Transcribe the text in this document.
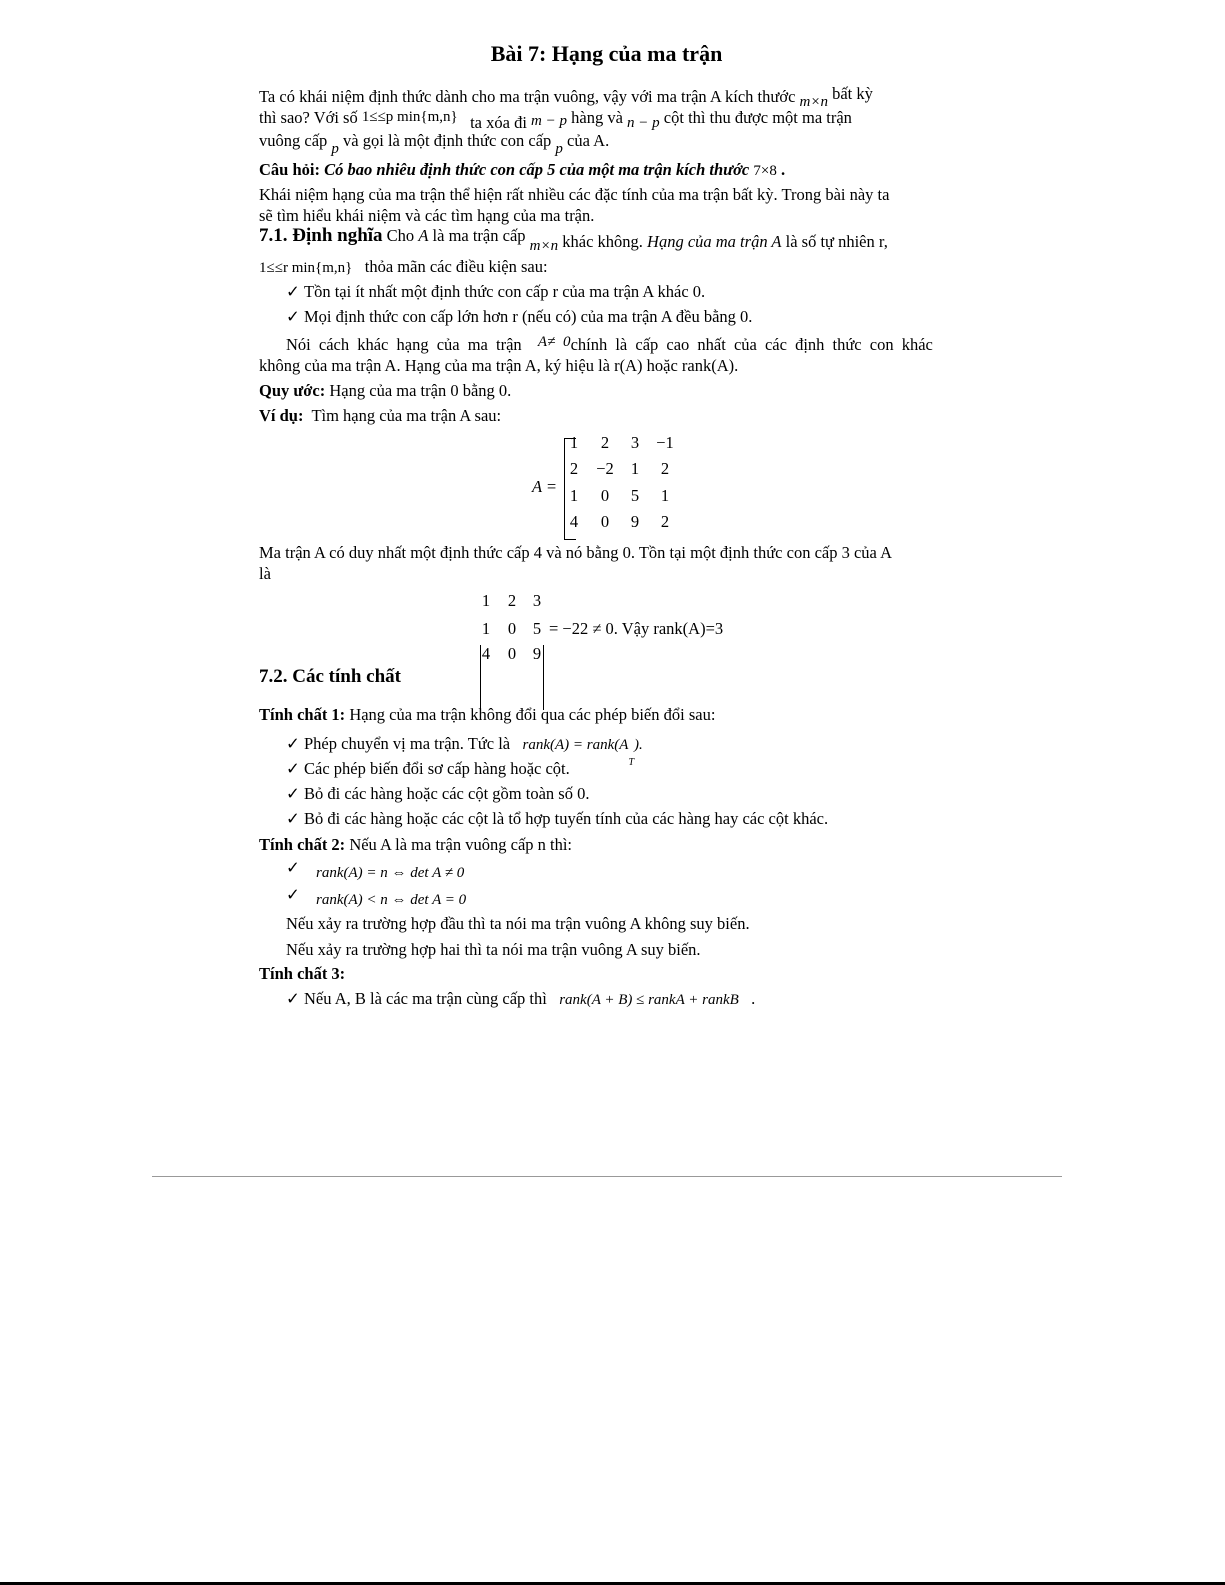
Bài 7: Hạng của ma trận
Ta có khái niệm định thức dành cho ma trận vuông, vậy với ma trận A kích thước m×n bất kỳ
thì sao? Với số 1≤≤p min{m,n} ta xóa đi m − p hàng và n − p cột thì thu được một ma trận
vuông cấp p và gọi là một định thức con cấp p của A.
Câu hỏi: Có bao nhiêu định thức con cấp 5 của một ma trận kích thước 7×8 .
Khái niệm hạng của ma trận thể hiện rất nhiều các đặc tính của ma trận bất kỳ. Trong bài này ta
sẽ tìm hiểu khái niệm và các tìm hạng của ma trận.
7.1. Định nghĩa Cho A là ma trận cấp m×n khác không. Hạng của ma trận A là số tự nhiên r,
1≤≤r min{m,n} thỏa mãn các điều kiện sau:
✓ Tồn tại ít nhất một định thức con cấp r của ma trận A khác 0.
✓ Mọi định thức con cấp lớn hơn r (nếu có) của ma trận A đều bằng 0.
Nói cách khác hạng của ma trận A≠ 0chính là cấp cao nhất của các định thức con khác
không của ma trận A. Hạng của ma trận A, ký hiệu là r(A) hoặc rank(A).
Quy ước: Hạng của ma trận 0 bằng 0.
Ví dụ: Tìm hạng của ma trận A sau:
A =
1	2	3	−1
2	−2	1	2
1	0	5	1
4	0	9	2
Ma trận A có duy nhất một định thức cấp 4 và nó bằng 0. Tồn tại một định thức con cấp 3 của A
là
1	2	3
1	0	5
4	0	9
= −22 ≠ 0. Vậy rank(A)=3
7.2. Các tính chất
Tính chất 1: Hạng của ma trận không đổi qua các phép biến đổi sau:
✓ Phép chuyển vị ma trận. Tức là rank(A) = $rank(A_T)$.
✓ Các phép biến đổi sơ cấp hàng hoặc cột.
✓ Bỏ đi các hàng hoặc các cột gồm toàn số 0.
✓ Bỏ đi các hàng hoặc các cột là tổ hợp tuyến tính của các hàng hay các cột khác.
Tính chất 2: Nếu A là ma trận vuông cấp n thì:
✓ rank(A) = n ⇔ det A ≠ 0
✓ rank(A) < n ⇔ det A = 0
Nếu xảy ra trường hợp đầu thì ta nói ma trận vuông A không suy biến.
Nếu xảy ra trường hợp hai thì ta nói ma trận vuông A suy biến.
Tính chất 3:
✓ Nếu A, B là các ma trận cùng cấp thì rank(A + B) ≤ rankA + rankB .
